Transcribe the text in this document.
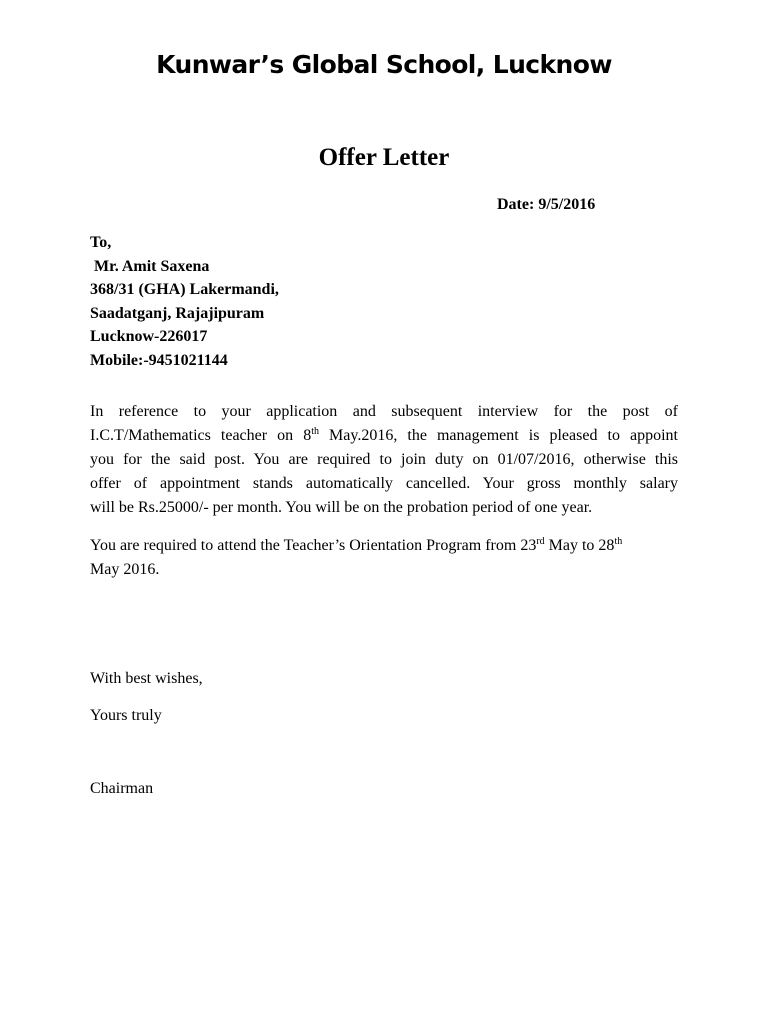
Kunwar’s Global School, Lucknow
Offer Letter
Date: 9/5/2016
To,
Mr. Amit Saxena
368/31 (GHA) Lakermandi,
Saadatganj, Rajajipuram
Lucknow-226017
Mobile:-9451021144
In reference to your application and subsequent interview for the post of
I.C.T/Mathematics teacher on 8th May.2016, the management is pleased to appoint
you for the said post. You are required to join duty on 01/07/2016, otherwise this
offer of appointment stands automatically cancelled. Your gross monthly salary
will be Rs.25000/- per month. You will be on the probation period of one year.
You are required to attend the Teacher’s Orientation Program from 23rd May to 28th
May 2016.
With best wishes,
Yours truly
Chairman
